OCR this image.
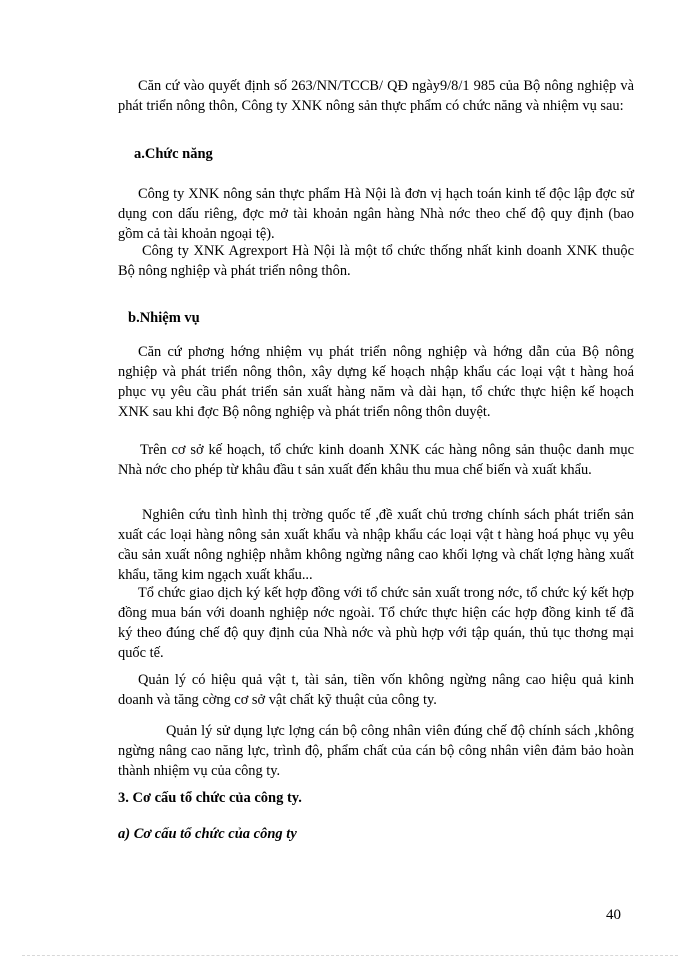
Căn cứ vào quyết định số 263/NN/TCCB/ QĐ ngày9/8/1 985 của Bộ nông nghiệp và phát triển nông thôn, Công ty XNK nông sản thực phẩm có chức năng và nhiệm vụ sau:

a.Chức năng

Công ty XNK nông sản thực phẩm Hà Nội là đơn vị hạch toán kinh tế độc lập đợc sử dụng con dấu riêng, đợc mở tài khoản ngân hàng Nhà nớc theo chế độ quy định (bao gồm cả tài khoản ngoại tệ).

Công ty XNK Agrexport Hà Nội là một tổ chức thống nhất kinh doanh XNK thuộc Bộ nông nghiệp và phát triển nông thôn.

b.Nhiệm vụ

Căn cứ phơng hớng nhiệm vụ phát triển nông nghiệp và hớng dẫn của Bộ nông nghiệp và phát triển nông thôn, xây dựng kế hoạch nhập khẩu các loại vật t hàng hoá phục vụ yêu cầu phát triển sản xuất hàng năm và dài hạn, tổ chức thực hiện kế hoạch XNK sau khi đợc Bộ nông nghiệp và phát triển nông thôn duyệt.

Trên cơ sở kế hoạch, tổ chức kinh doanh XNK các hàng nông sản thuộc danh mục Nhà nớc cho phép từ khâu đầu t sản xuất đến khâu thu mua chế biến và xuất khẩu.

Nghiên cứu tình hình thị trờng quốc tế ,đề xuất chủ trơng chính sách phát triển sản xuất các loại hàng nông sản xuất khẩu và nhập khẩu các loại vật t hàng hoá phục vụ yêu cầu sản xuất nông nghiệp nhằm không ngừng nâng cao khối lợng và chất lợng hàng xuất khẩu, tăng kim ngạch xuất khẩu...

Tổ chức giao dịch ký kết hợp đồng với tổ chức sản xuất trong nớc, tổ chức ký kết hợp đồng mua bán với doanh nghiệp nớc ngoài. Tổ chức thực hiện các hợp đồng kinh tế đã ký theo đúng chế độ quy định của Nhà nớc và phù hợp với tập quán, thủ tục thơng mại quốc tế.

Quản lý có hiệu quả vật t, tài sản, tiền vốn không ngừng nâng cao hiệu quả kinh doanh và tăng cờng cơ sở vật chất kỹ thuật của công ty.

Quản lý sử dụng lực lợng cán bộ công nhân viên đúng chế độ chính sách ,không ngừng nâng cao năng lực, trình độ, phẩm chất của cán bộ công nhân viên đảm bảo hoàn thành nhiệm vụ của công ty.

3. Cơ cấu tổ chức của công ty.

a) Cơ cấu tổ chức của công ty

40
